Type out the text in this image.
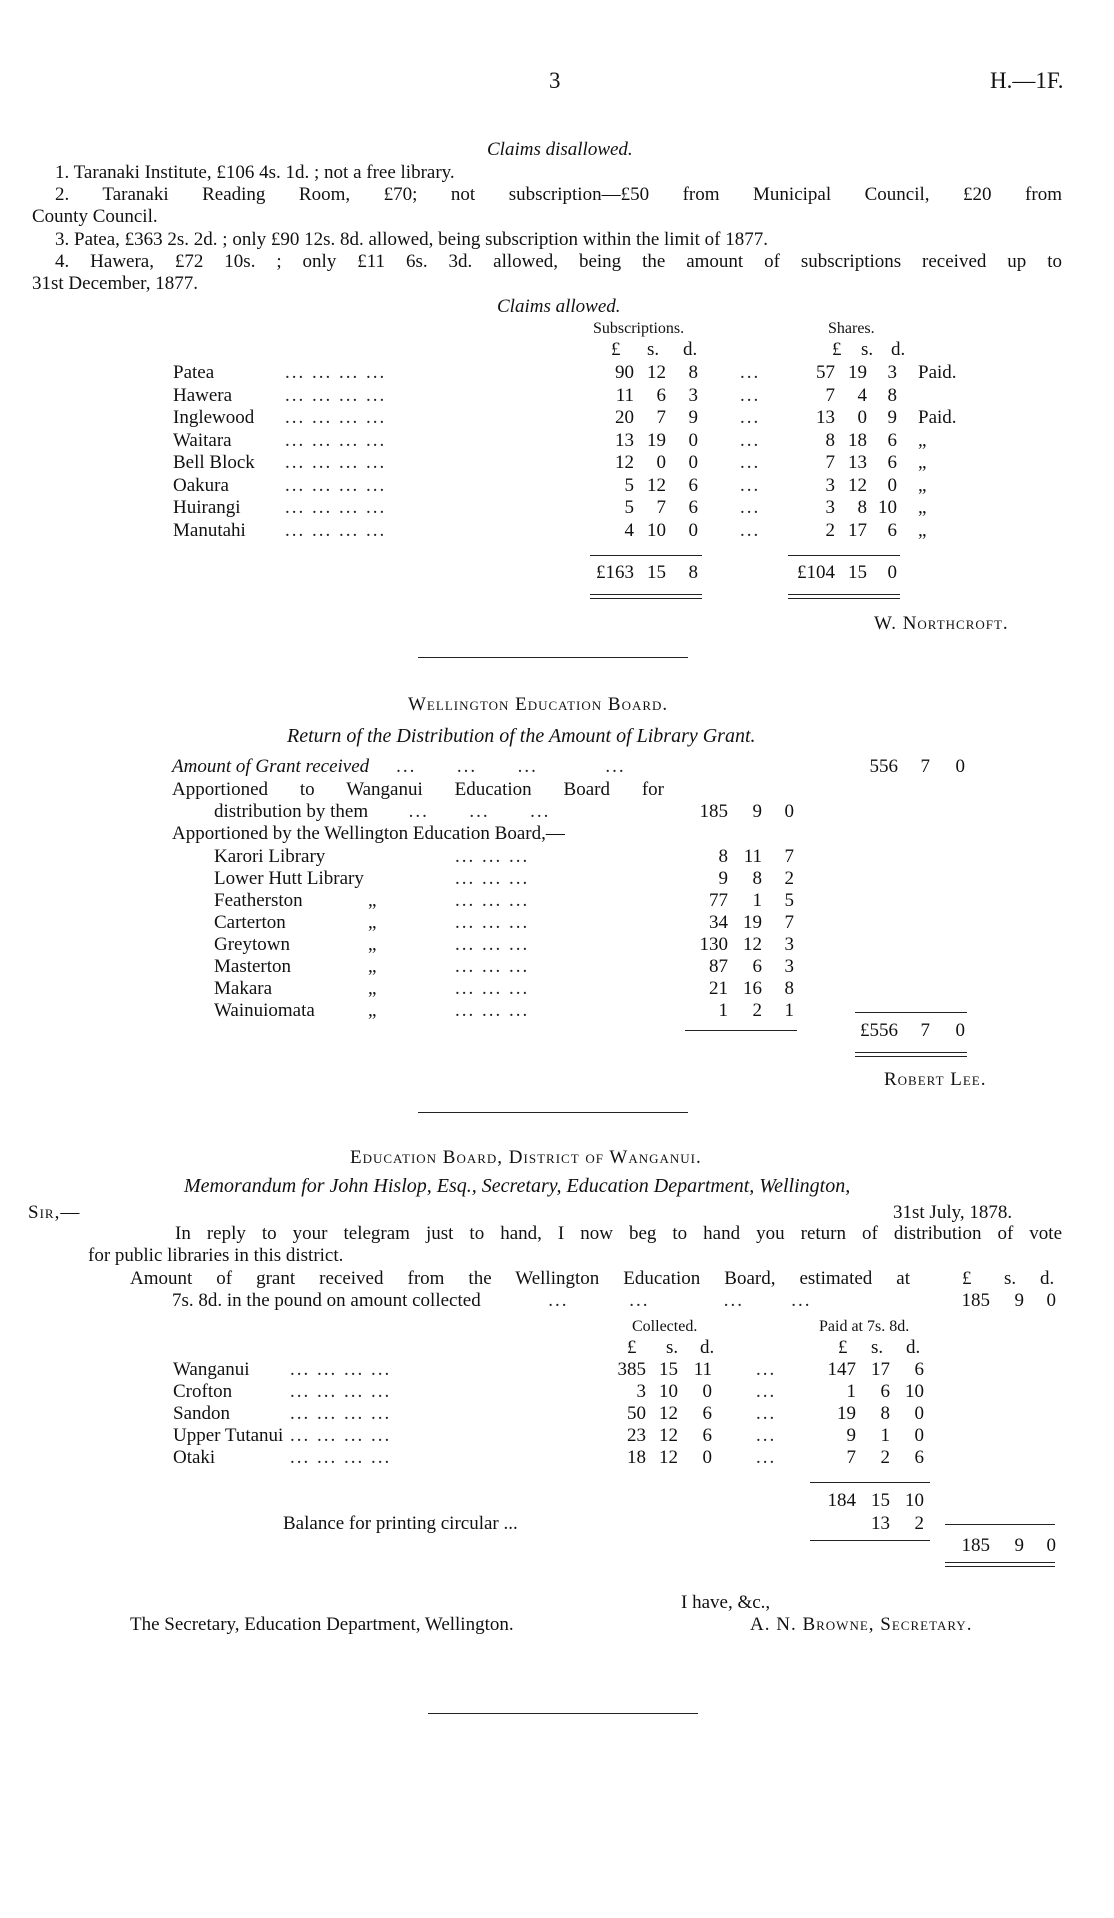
3	H.—1F.
Claims disallowed.
1. Taranaki Institute, £106 4s. 1d. ; not a free library.
2. Taranaki Reading Room, £70; not subscription—£50 from Municipal Council, £20 from
County Council.
3. Patea, £363 2s. 2d. ; only £90 12s. 8d. allowed, being subscription within the limit of 1877.
4. Hawera, £72 10s. ; only £11 6s. 3d. allowed, being the amount of subscriptions received up to
31st December, 1877.
Claims allowed.
Subscriptions.	Shares.
£ s. d.	£ s. d.
Patea	... ... ... ...	90 12	8 ...	57 19	3 Paid.
Hawera	... ... ... ...	11	6	3 ...	7	4	8
Inglewood ... ... ... ...	20	7	9 ...	13	0	9 Paid.
Waitara	... ... ... ...	13 19	0 ...	8 18	6 „
Bell Block ... ... ... ...	12	0	0 ...	7 13	6 „
Oakura	... ... ... ...	5 12	6 ...	3 12	0 „
Huirangi ... ... ... ...	5	7	6 ...	3	8 10 „
Manutahi ... ... ... ...	4 10	0 ...	2 17	6 „
£163 15	8	£104 15	0
W. Northcroft.
Wellington Education Board.
Return of the Distribution of the Amount of Library Grant.
Amount of Grant received    ...      ...      ...          ...	556	7	0
Apportioned to Wanganui Education Board for
distribution by them      ...      ...      ...	185	9	0
Apportioned by the Wellington Education Board,—
Karori Library	... ... ...	8 11	7
Lower Hutt Library	... ... ...	9	8	2
Featherston	„	... ... ...	77	1	5
Carterton	„	... ... ...	34 19	7
Greytown	„	... ... ...	130 12	3
Masterton	„	... ... ...	87	6	3
Makara	„	... ... ...	21 16	8
Wainuiomata	„	... ... ...	1	2	1
£556	7	0
Robert Lee.
Education Board, District of Wanganui.
Memorandum for John Hislop, Esq., Secretary, Education Department, Wellington,
Sir,—	31st July, 1878.
In reply to your telegram just to hand, I now beg to hand you return of distribution of vote
for public libraries in this district.
Amount of grant received from the Wellington Education Board, estimated at
7s. 8d. in the pound on amount collected          ...         ...           ...       ...
£ s. d.
185	9	0
Collected.	Paid at 7s. 8d.
£ s. d.	£ s. d.
Wanganui ... ... ... ...	385 15 11 ...	147 17	6
Crofton	... ... ... ...	3 10	0 ...	1	6 10
Sandon	... ... ... ...	50 12	6 ...	19	8	0
Upper Tutanui ... ... ... ...	23 12	6 ...	9	1	0
Otaki	... ... ... ...	18 12	0 ...	7	2	6
184 15 10
Balance for printing circular ...	13	2
185	9	0
I have, &c.,
The Secretary, Education Department, Wellington.	A. N. Browne, Secretary.
